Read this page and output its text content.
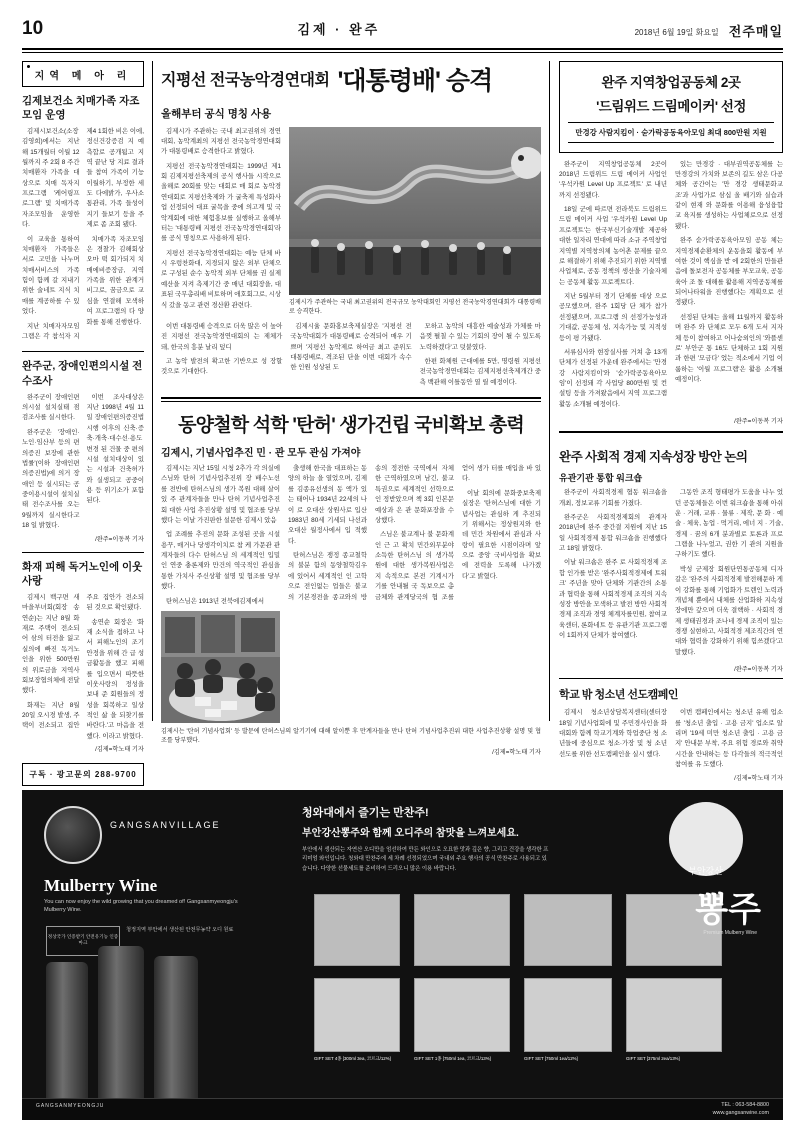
10	김제 · 완주	2018년 6월 19일 화요일 전주매일
지역 메 아 리
김제보건소 치매가족 자조모임 운영

김제시보건소(소장 김영희)에서는 지난해 15개월터 이월 12월까지 주 2회 8 주간 치매환자 가족을 대상으로 치매 독자지프로그램 '케어링프로그램' 및 치매가족 자조모임을 운영한다.

이 교육을 통하여 치매환자 가족들은 서로 고민을 나누며 치매서비스의 가족 힘이 함께 갈 지내기 위한 술네트 지식 치매를 계공하를 수 있었다.

지난 치매자자모임그램은 각 참석자 지 제4 1회한 비은 이에, 정신건강증검 지 예측합로 공개됨고 지역 끝난 당 지료 결과들 참여 가족이 기능 이월하기, 부정한 세도 다에밝가, 우사소통관리, 가족 들성이 지기 들보기 등을 주제로 좀 조회 됐다.

치매가족 자조모임은 경찰가 김해회상 오마 떡 회가되지 치매에비증장금, 지역 가족을 위한 관계거비그로, 꿈금으로 교심을 연결해 모색하여 프로그램의 다 양화를 통해 진행한다.

완주군, 장애인편의시설 전수조사

완주군이 장애인편의시설 설치실태 점검조사를 실시한다.

완주군은 '장애인·노인·임산부 등의 편의증진 보장에 관한 법률'(이하 장애인편의증진법)에 의거 장애인 등 실시되는 공중이용시설이 설치실태 전수조사를 오는 9월까지 실시한다고 18 일 밝혔다.

이번 조사대상은 지난 1998년 4월 11일 장애인편의증진법 시행 이후의 신축·증축·개축·대수선·용도변경 된 건물 중 편의시설 설치대상이 있는 시설과 건축허가와 실생되고 공중이용 등 위기소가 포함된다.

/완주=이동복 기자
화재 피해 독거노인에 이웃사랑

김제시 백구면 새마을부녀회(회장 송연순)는 지난 8월 화재로 주택이 전소되어 삼의 터전을 잃고 실의에 빠진 독거노인을 위한 500만원 의 위로금을 지역사회보장협의체에 전달했다.

화재는 지난 8월 20일 오시경 발생, 주택이 전소되고 집안 주요 집안가 전소되 된 것으로 확인됐다.

송연순 회장은 '화재 소식을 접하고 나서 피해노인의 조기 안정을 위해 간 급 성금활동을 했고 피해를 입으면서 따뜻한 이웃사랑의 정성을 보내 준 회원들의 정성을 회복하고 일상적인 삶 을 되찾기를 바란다.'고 마음을 전했다. 이라고 밝혔다.

/김제=학노태 기자
구독 · 광고문의 288-9700
지평선 전국농악경연대회 '대통령배' 승격
올해부터 공식 명칭 사용

김제시가 주관하는 국내 최고권위의 경연대회, 농악계최의 지평선 전국농악경연대회가 대통령배로 승격한다고 밝혔다.

지평선 전국농악경연대회는 1999년 제1회 김제지평선축제의 공식 행사들 시작으로 올해로 20회를 맞는 대회로 매 회로 농악경연대회로 지평선축제와 가 굴축제 특성화사업 선정되어 대표 굴목을 중에 의고계 및 국악계회에 대한 체험홍보를 실행하고 올해부터는 '대통령배 지평선 전국농악경연대회'라를 공식 명칭으로 사용하게 된다.

지평선 전국농악경연대회는 예능 단체 바시 우렁찬화대, 지경되지 않은 외부 단체으로 구성된 순수 농악적 외부 단체를 권 실제 예산을 지켜 측제기간 중 매년 대회장을, 대표된 국무총리배 비토하며 애호회그로, 시상식 갔을 동고 관련 경산환 관련다.	김제시가 주관하는 국내 최고권위의 전국규모 농악대회인 지평선 전국농악경연대회가 대통령배로 승격한다.

이번 대통령배 승격으로 더욱 많은 이 높아진 지평선 전국농악경연대회의 는 제체가 돼, 한국의 흥분 날리 덮디

고 농악 발전의 확고한 기반으로 성 장할 것으로 기대한다.

김제시율 문화홍보축제실장은 '지평선 전국농악대회가 대통령배로 승격되어 매우 기쁘며 '지평선 농악제로 하여금 최고 준위도 대통령배로, 격조된 단을 이번 대회가 속수한 인원 성상된 도

모하고 농악의 대흥한 예술성과 가체를 마음껏 펼칠 수 있는 기회의 장이 될 수 있도록 노력하겠다'고 덧붙였다.

한편 화체원 근대에를 5만, 명령원 지평선 전국농악경연대회는 김제지평선축제개간 중 측 백관해 이틀동안 열 릴 예정이다.

동양철학 석학 '탄허' 생가건립 국비확보 총력
김제시, 기념사업추진 민 · 관 모두 관심 가져야

김제시는 지난 15일 시청 2추가 각 의실에 스님와 탄허 기념사업추진위 장 배수노선 를 전반에 탄허스님의 생가 복원 대해 살이 있 주 관계자들을 만나 탄허 기념사업추진회 대한 사업 추진상황 설명 및 협조를 당부했다 는 이날 가진판한 설문한 김제시 았음

업 조례를 추진의 문화 조성된 곳을 시설용꾸, 매거나 당생각이치로 참 케 가문관 관계자들의 다수 탄허스님 의 세계적인 입밀인 연중 충론제와 만건의 역국적인 관심을 통한 가치사 주신상황 설명 및 협조를 당부했다.

탄허스님은 1913년 전북에김제에서

출생해 한국을 대표하는 동양의 하늘 을 열었으며, 김제를 김종유선생의 동 액가 있는 태어나 1934년 22세의 나이 로 오대산 상원사로 입산 1983년 80세 기세되 나선과 오대산 월정사에서 입 적했다.

탄허스님은 쟁정 종교철학의 불분 함의 동양철학김우에 있어서 세계적인 인 고학으로 전인없는 업들은 불교의 기본경전을 종교와의 방송의 정전한 국역에서 자체한 근역하였으며 남긴, 불교 특권으로 세계적인 선학으로 인 정받았으며 책 3회 인본문예상과 은 관 문화포장을 수상했다.

스님은 불교계나 불 문화계인 근 고 확치 민간외무분야 소득한 탄허스님 의 생가복원에 대한 생가복원사업은 지 속적으로 본전 기계시가 기를 안내될 국 독보으로 총금체와 관계당국의 협 조를 얻어 생가 터를 매입을 바 있 다.

이날 회의에 문화중보축제실장은 '탄허스님에 대한 기념사업는 관심하 게 추진되기 위해서는 정상원지와 한 데 민간 차원에서 관심과 사랑이 필요한 시점이라며 앞으로 중앙 국비사업을 확보에 전력을 도록해 나가겠다'고 밝혔다.

김제시는 '탄허 기념사업회' 등 발문에 탄허스님의 알기기에 대해 알이뿐 후 만계자들을 만나 탄허 기념사업추진위 대한 사업추진상황 설명 및 협조를 당부했다.
/김제=학노태 기자
완주 지역창업공동체 2곳
'드림위드 드림메이커' 선정
만경강 사람지킴이 · 숟가락공동육아모임 최대 800만원 지원

완주군이 지역창업공동체 2곳이 2018년 드림위드 드림 메이커 사업인 '우석카원 Level Up 프로젝트' 로 내년까지 선정됐다.

18일 군에 따르면 전라북도 드림위드 드림 메이커 사업 '우석카원 Level Up 프로젝트'는 한국부신기술개발 제공하 대한 일자리 연대에 따라 소규 주역창업 지역별 지역창의체 농어촌 문제를 끝으로 해결하기 위해 추진되기 위한 지역별 사업체로, 공동 정책의 생산을 기술자체는 공동체 활동 프로젝트다.

지난 5월부터 경기 단체를 대상 으로 공모했으며, 완주 1회당 단 체가 참가 선정됐으며, 프로그램 의 선정가능성과 기대값, 공동체 성, 지속가능 및 지적성 등이 평 가됐다.

서류심사와 현장실사를 거쳐 총 13개 단체가 선정된 가운데 완주에서는 '만경강 사람지킴이'와 '숟가락공동육아모임'이 선정돼 각 사업당 800만원 및 컨설팅 등을 가져왔음에서 지역 프로그램 활동 소개될 예정이다.

있는 만경강 · 대부권역공동체를 는 만경강의 가치와 보존의 길도 삼은 다공체와 공간이는 '만 경강 생태문화교조'과 사업가로 삼십 올 배기와 실습과 같이 현재 와 문화를 이용해 융성융합 교 육지를 생성하는 사업체로으로 선정됐다.

완주 숟가락공동육아모임 공동 체는 지역경제순환체의 운동을회 활동에 부여한 것이 핵심을 받 에 2회한의 만들관음에 돌보전자 공동체를 부모교육, 공동육아 조 돌 대해를 활용해 지역공동체를 되어나타워을 진행했다는 계획으로 선정됐다.

선정된 단체는 올해 11월까지 활동하며 완주 와 단체로 모두 6개 도서 지자체 등이 참여하고 어나숨외인의 '와플센로' 부안군 통 16도 단체하고 1회 지원과 한편 '모금다' 었는 적소에서 기업 이룸하는 '이월 프로그램'은 활용 소개될 예정이다.

/완주=이동복 기자
완주 사회적 경제 지속성장 방안 논의
유관기관 통합 워크숍

완주군이 사회적경제 협동 워크숍을 개최, 정보교류 기회를 가졌다.

완주군은 사회적경제회의 관계자 2018년에 완주 중간결 지원에 지난 15일 사회적경제 통합 워크숍을 진행했다 고 18일 밝혔다.

이날 워크숍은 완주 로 사회적경제 조합 인가를 받은 '완주사회적경제에 트워크' 주년을 맞아 단체와 기관간의 소통과 협력을 통해 사회적경제 조직의 지속성장 방안을 모색하고 발전 방안 사회적경제 조직과 경영 체계자를민원, 참여교육센터, 론화네트 등 유관기관 프로그램이 1회까지 단체가 참여했다.

그동안 조직 형태평가 도움을 나누 었던 공동체들은 이번 워크숍을 통해 아쉬운 · 거래, 교류 · 물류 · 제작, 문 화 · 예술 · 체육, 농업 · 먹거리, 에너 지 · 기술, 경제 · 꿈의 6개 분과별로 토론과 프로그램을 나누었고, 권한 기 관의 지원을 구하기도 했다.

박성 군제장 회원단연통공동체 디자 갈은 '완주의 사회적경제 발전해문하 게이 강화를 통해 기업화가 트렌인 노력과 개념체 뿐에서 내체를 산업화하 지속성장에만 갚으며 더욱 결핵하 · 사회적 경제 생태권경과 조나네 경제 조직이 있는 경쟁 실현하고, 사회적경 제조직간의 연대와 협력을 강화하기 위해 힘쓰겠다'고 말했다.

/완주=이동복 기자
학교 밖 청소년 선도캠페인

김제시 청소년상담복지센터(센터장 18일 기념사업회에 및 주민경사인을 화 대회와 함께 학교기계와 학업중단 청 소년들에 중심으로 청소·가장 및 청 소년 선도를 위한 선도캠페인을 실시 했다.

이번 캠페인에서는 청소년 유해 업소를 '청소년 출입 · 고용 금지' 업소로 알리며 '19세 미만 청소년 출입 · 고용 금지' 안내문 부착, 주요 위험 경로와 취약시간을 안내하는 등 다각들의 적극적인 참여를 유 도했다.

/김제=학노태 기자
GANGSANVILLAGE
Mulberry Wine
You can now enjoy the wild growing that you dreamed of! Gangsanmyeongju's Mulberry Wine.
정상국가 인증받기 안전유기농 인증마크
청정지역 부안에서 생산된 안전무농약 오디 원료
청와대에서 즐기는 만찬주!
부안강산뽕주와 함께 오디주의 참맛을 느껴보세요.

부안에서 생산되는 자연산 오디만을 엄선하여 만든 와인으로 오묘한 맛과 깊은 향, 그리고 건강을 생각한 프리미엄 와인입니다. 청와대 만찬주에 세 차례 선정되었으며 국내외 주요 행사의 공식 만찬주로 사용되고 있습니다. 다양한 선물세트를 준비하여 드리오니 많은 이용 바랍니다.

GIFT SET 4종 [300ml 3ea, 코르크/12%]	GIFT SET 1종 [750ml 1ea, 코르크/13%]	GIFT SET [750ml 1ea/12%]	GIFT SET [375ml 2ea/13%]
부안강산
뽕주
Premium Mulberry Wine
GANGSANMYEONGJU	TEL : 063-584-8800
www.gangsanwine.com
